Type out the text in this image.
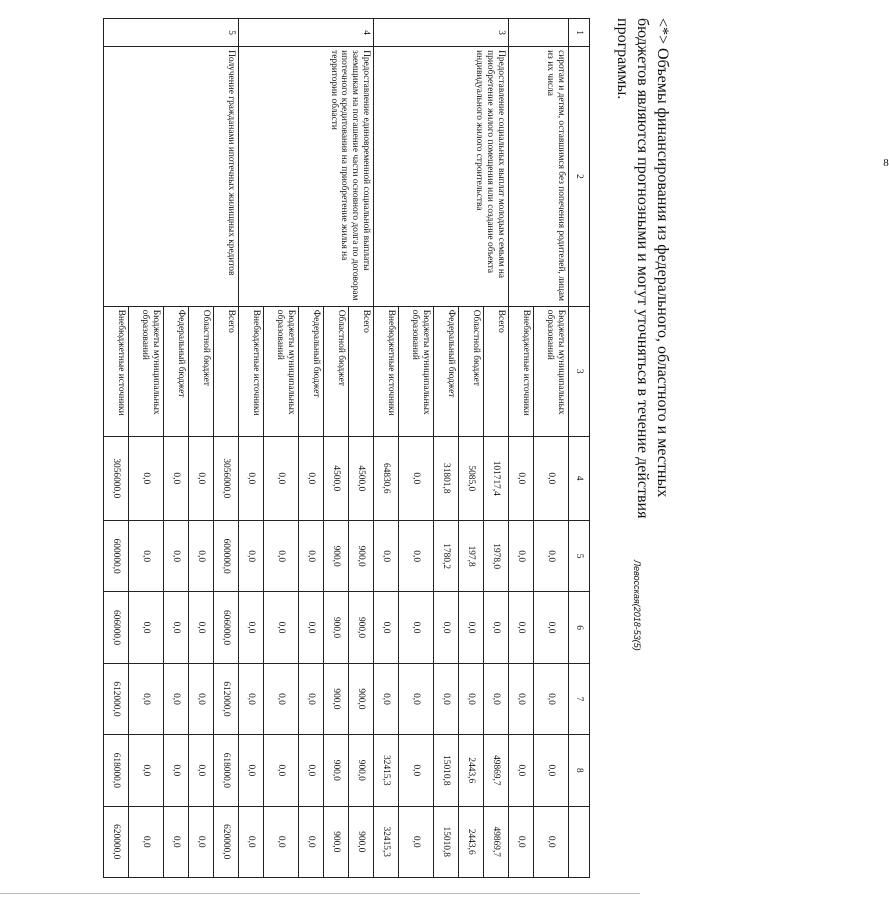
8
1	2	3	4	5	6	7	8	
	сиротам и детям, оставшимся без попечения родителей, лицам из их числа	Бюджеты муниципальных образований	0,0	0,0	0,0	0,0	0,0	0,0
		Внебюджетные источники	0,0	0,0	0,0	0,0	0,0	0,0
3	Предоставление социальных выплат молодым семьям на приобретение жилого помещения или создание объекта индивидуального жилого строительства	Всего	101717,4	1978,0	0,0	0,0	49869,7	49869,7
		Областной бюджет	5085,0	197,8	0,0	0,0	2443,6	2443,6
		Федеральный бюджет	31801,8	1780,2	0,0	0,0	15010,8	15010,8
		Бюджеты муниципальных образований	0,0	0,0	0,0	0,0	0,0	0,0
		Внебюджетные источники	64830,6	0,0	0,0	0,0	32415,3	32415,3
4	Предоставление единовременной социальной выплаты заемщикам на погашение части основного долга по договорам ипотечного кредитования на приобретение жилья на территории области	Всего	4500,0	900,0	900,0	900,0	900,0	900,0
		Областной бюджет	4500,0	900,0	900,0	900,0	900,0	900,0
		Федеральный бюджет	0,0	0,0	0,0	0,0	0,0	0,0
		Бюджеты муниципальных образований	0,0	0,0	0,0	0,0	0,0	0,0
		Внебюджетные источники	0,0	0,0	0,0	0,0	0,0	0,0
5	Получение гражданами ипотечных жилищных кредитов	Всего	3056000,0	600000,0	606000,0	612000,0	618000,0	620000,0
		Областной бюджет	0,0	0,0	0,0	0,0	0,0	0,0
		Федеральный бюджет	0,0	0,0	0,0	0,0	0,0	0,0
		Бюджеты муниципальных образований	0,0	0,0	0,0	0,0	0,0	0,0
		Внебюджетные источники	3056000,0	600000,0	606000,0	612000,0	618000,0	620000,0
<*> Объемы финансирования из федерального, областного и местных бюджетов являются прогнозными и могут уточняться в течение действия программы.
Левосская(2018-53(5)
